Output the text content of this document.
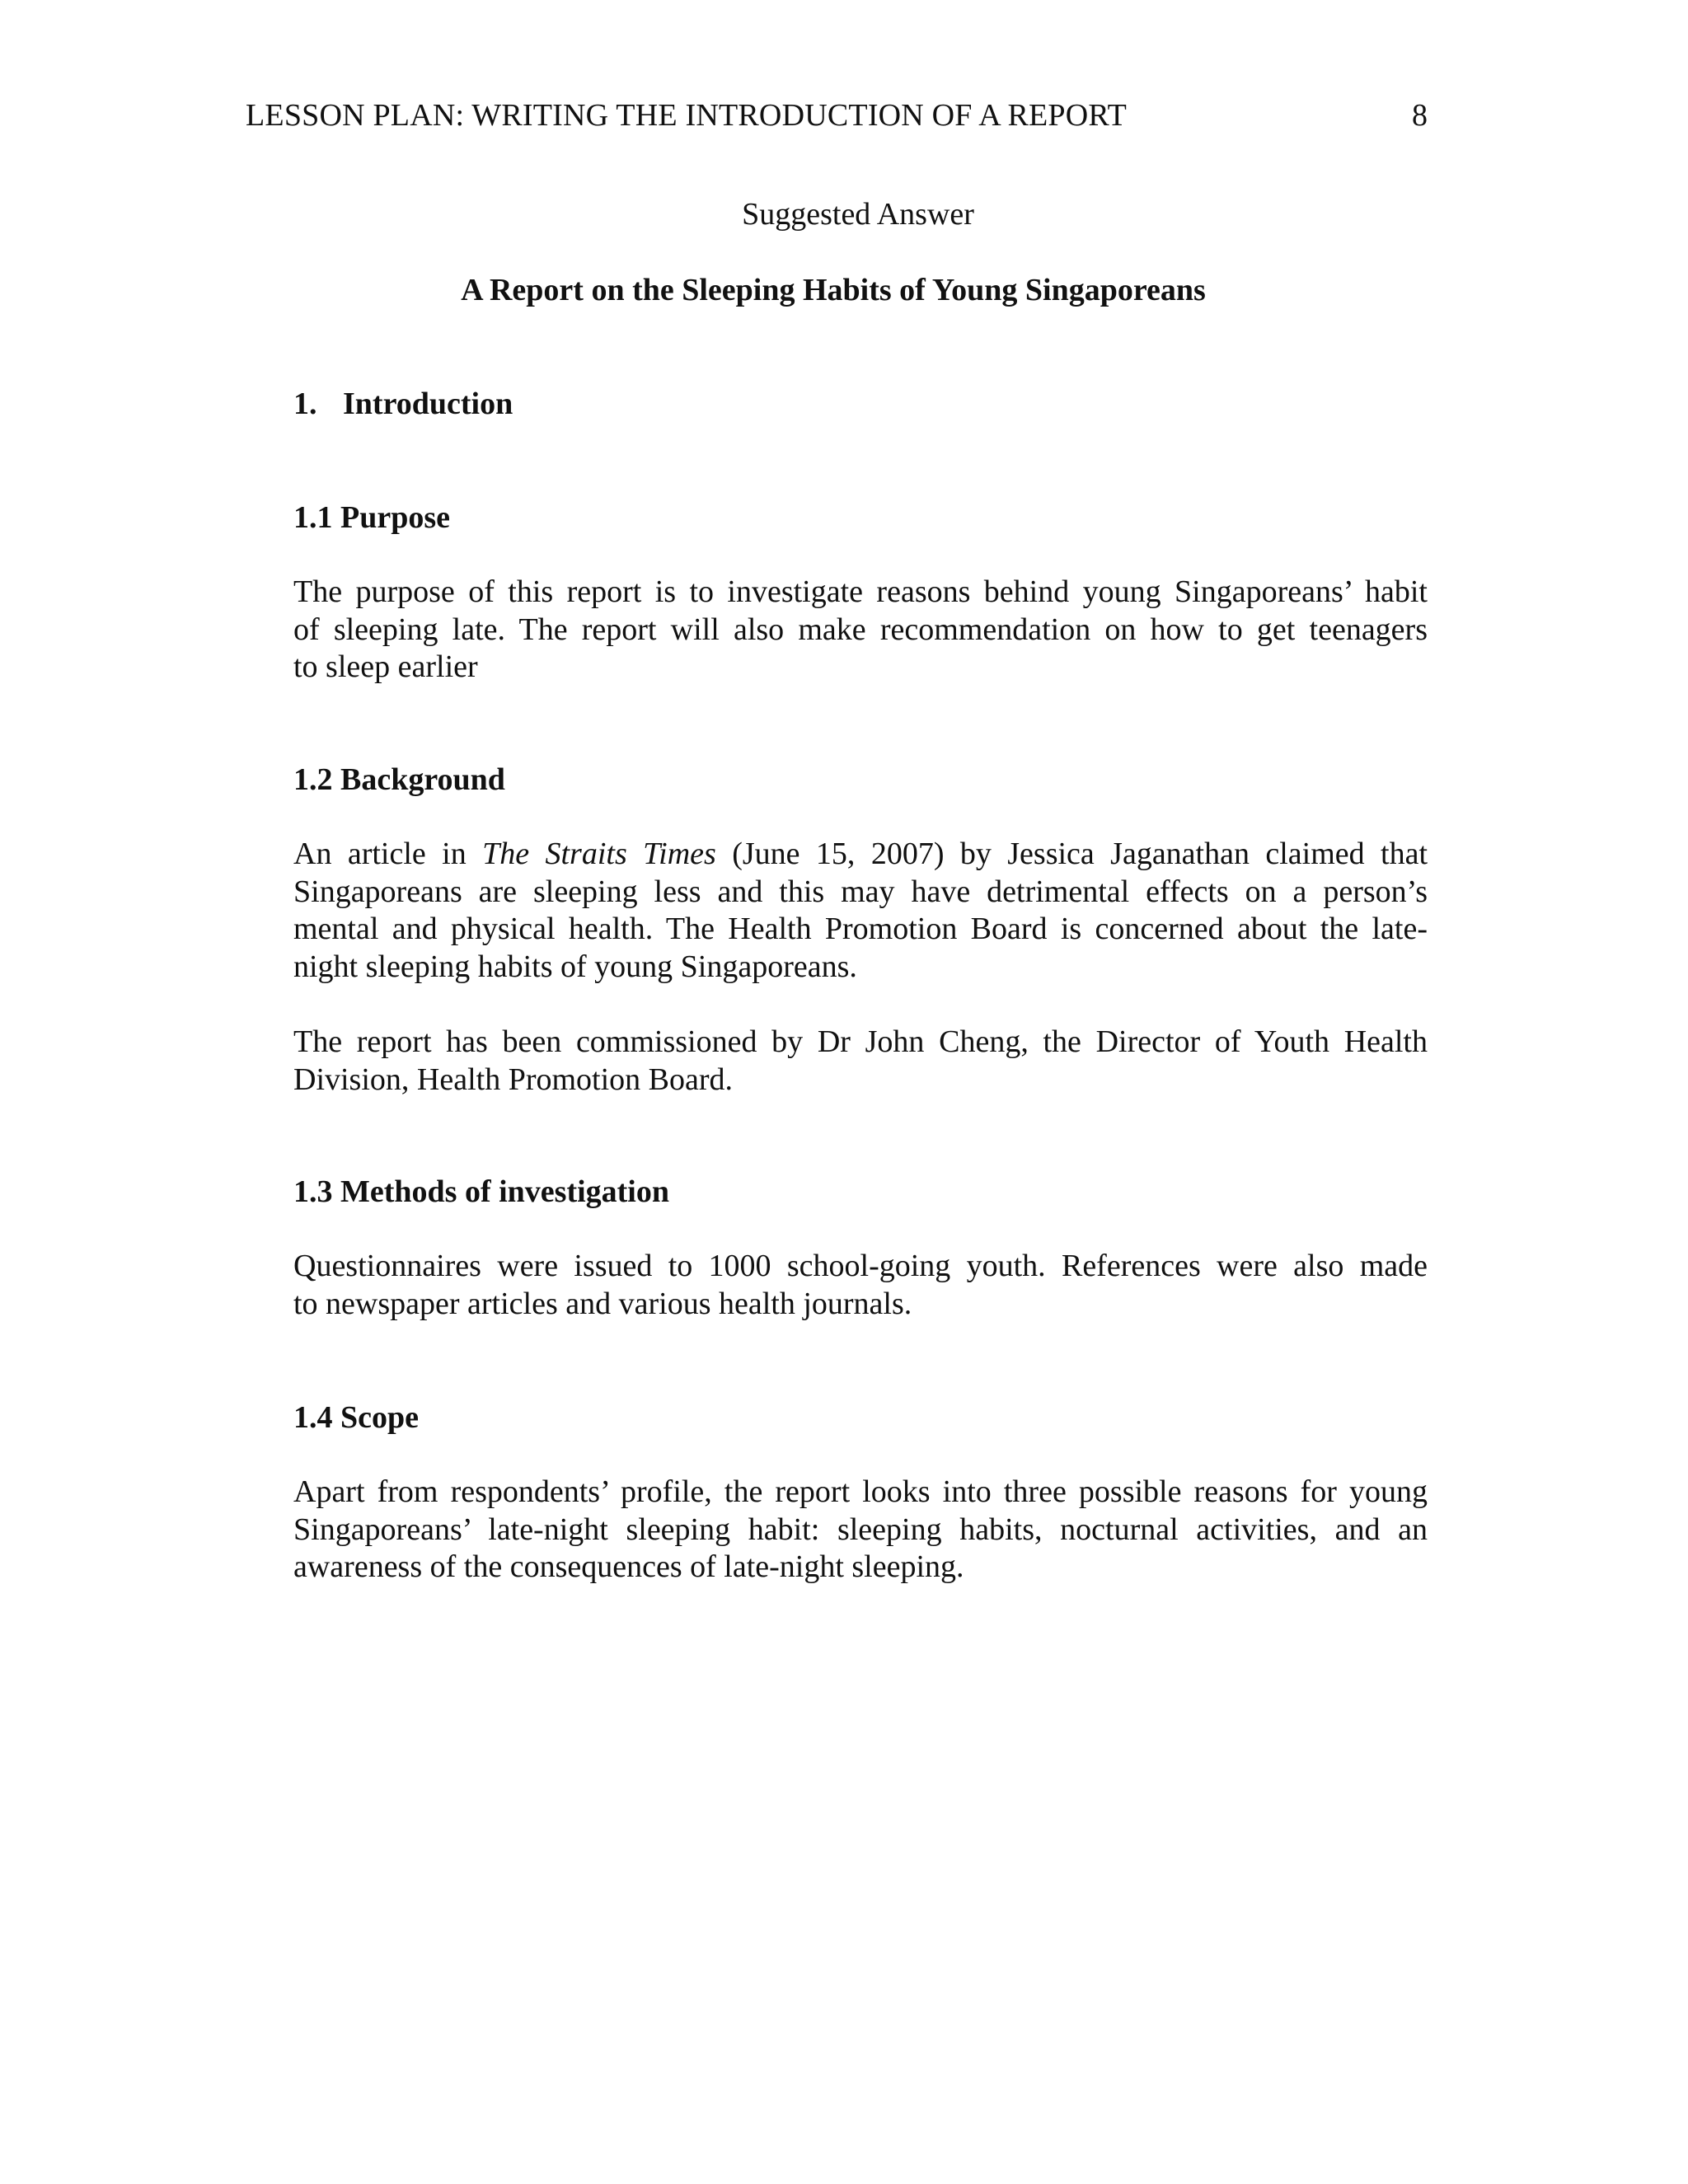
LESSON PLAN: WRITING THE INTRODUCTION OF A REPORT	8
Suggested Answer
A Report on the Sleeping Habits of Young Singaporeans
1. Introduction
1.1 Purpose
The purpose of this report is to investigate reasons behind young Singaporeans’ habit
of sleeping late. The report will also make recommendation on how to get teenagers
to sleep earlier
1.2 Background
An article in The Straits Times (June 15, 2007) by Jessica Jaganathan claimed that
Singaporeans are sleeping less and this may have detrimental effects on a person’s
mental and physical health. The Health Promotion Board is concerned about the late-
night sleeping habits of young Singaporeans.
The report has been commissioned by Dr John Cheng, the Director of Youth Health
Division, Health Promotion Board.
1.3 Methods of investigation
Questionnaires were issued to 1000 school-going youth. References were also made
to newspaper articles and various health journals.
1.4 Scope
Apart from respondents’ profile, the report looks into three possible reasons for young
Singaporeans’ late-night sleeping habit: sleeping habits, nocturnal activities, and an
awareness of the consequences of late-night sleeping.
